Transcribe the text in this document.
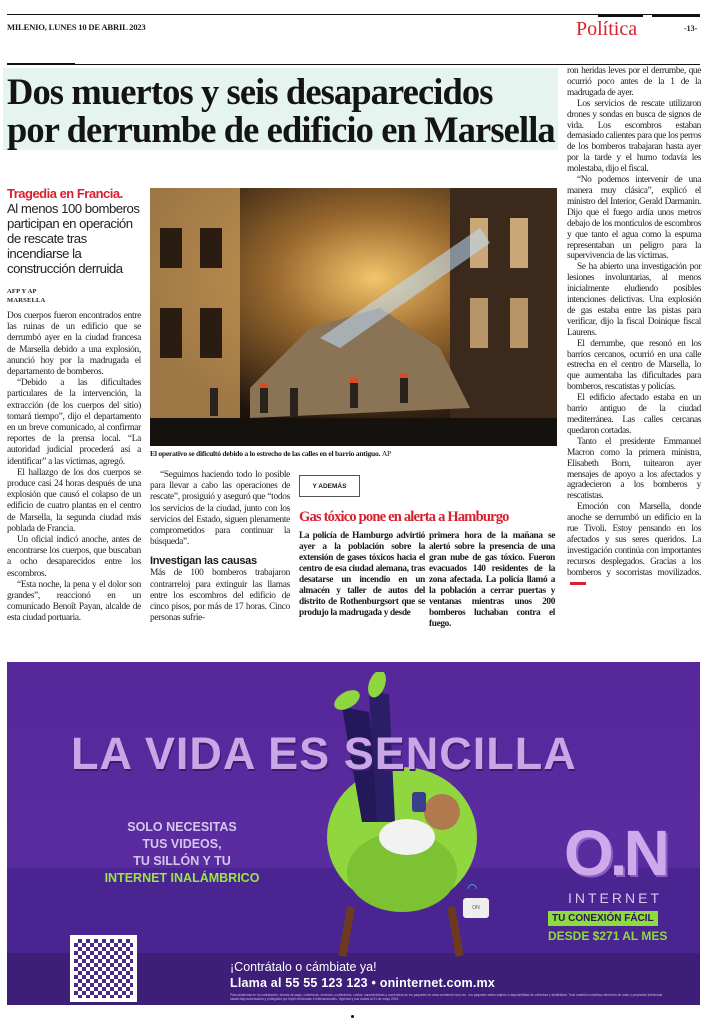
MILENIO, LUNES 10 DE ABRIL 2023	Política	-13-
Dos muertos y seis desaparecidos
por derrumbe de edificio en Marsella
Tragedia en Francia.
Al menos 100 bomberos participan en operación de rescate tras incendiarse la construcción derruida
AFP Y AP
MARSELLA

Dos cuerpos fueron encontrados entre las ruinas de un edificio que se derrumbó ayer en la ciudad francesa de Marsella debido a una explosión, anunció hoy por la madrugada el departamento de bomberos.

“Debido a las dificultades particulares de la intervención, la extracción (de los cuerpos del sitio) tomará tiempo”, dijo el departamento en un breve comunicado, al confirmar reportes de la prensa local. “La autoridad judicial procederá así a identificar” a las víctimas, agregó.

El hallazgo de los dos cuerpos se produce casi 24 horas después de una explosión que causó el colapso de un edificio de cuatro plantas en el centro de Marsella, la segunda ciudad más poblada de Francia.

Un oficial indicó anoche, antes de encontrarse los cuerpos, que buscaban a ocho desaparecidos entre los escombros.

“Esta noche, la pena y el dolor son grandes”, reaccionó en un comunicado Benoît Payan, alcalde de esta ciudad portuaria.

El operativo se dificultó debido a lo estrecho de las calles en el barrio antiguo. AP

“Seguimos haciendo todo lo posible para llevar a cabo las operaciones de rescate”, prosiguió y aseguró que “todos los servicios de la ciudad, junto con los servicios del Estado, siguen plenamente comprometidos para continuar la búsqueda”.

Investigan las causas

Más de 100 bomberos trabajaron contrarreloj para extinguir las llamas entre los escombros del edificio de cinco pisos, por más de 17 horas. Cinco personas sufrie-

Y ADEMÁS
Gas tóxico pone en alerta a Hamburgo
La policía de Hamburgo advirtió ayer a la población sobre la extensión de gases tóxicos hacia el centro de esa ciudad alemana, tras desatarse un incendio en un almacén y taller de autos del distrito de Rothenburgsort que se produjo la madrugada y desde
primera hora de la mañana se alertó sobre la presencia de una gran nube de gas tóxico. Fueron evacuados 140 residentes de la zona afectada. La policía llamó a la población a cerrar puertas y ventanas mientras unos 200 bomberos luchaban contra el fuego.

ron heridas leves por el derrumbe, que ocurrió poco antes de la 1 de la madrugada de ayer.

Los servicios de rescate utilizaron drones y sondas en busca de signos de vida. Los escombros estaban demasiado calientes para que los perros de los bomberos trabajaran hasta ayer por la tarde y el humo todavía les molestaba, dijo el fiscal.

“No podemos intervenir de una manera muy clásica”, explicó el ministro del Interior, Gerald Darmanin. Dijo que el fuego ardía unos metros debajo de los montículos de escombros y que tanto el agua como la espuma representaban un peligro para la supervivencia de las víctimas.

Se ha abierto una investigación por lesiones involuntarias, al menos inicialmente eludiendo posibles intenciones delictivas. Una explosión de gas estaba entre las pistas para verificar, dijo la fiscal Doinique fiscal Laurens.

El derrumbe, que resonó en los barrios cercanos, ocurrió en una calle estrecha en el centro de Marsella, lo que aumentaba las dificultades para bomberos, rescatistas y policías.

El edificio afectado estaba en un barrio antiguo de la ciudad mediterránea. Las calles cercanas quedaron cortadas.

Tanto el presidente Emmanuel Macron como la primera ministra, Elisabeth Born, tuitearon ayer mensajes de apoyo a los afectados y agradecieron a los bomberos y rescatistas.

Emoción con Marsella, donde anoche se derrumbó un edificio en la rue Tivoli. Estoy pensando en los afectados y sus seres queridos. La investigación continúa con importantes recursos desplegados. Gracias a los bomberos y socorristas movilizados.

LA VIDA ES SENCILLA
SOLO NECESITAS
TUS VIDEOS,
TU SILLÓN Y TU
INTERNET INALÁMBRICO
ON
◠ O.N
INTERNET
TU CONEXIÓN FÁCIL
DESDE $271 AL MES
¡Contrátalo o cámbiate ya!
Llama al 55 55 123 123 • oninternet.com.mx
Para asistencia en la contratación, formas de pago, coberturas, servicios, condiciones, costos, características y contenidos de los paquetes en www.oninternet.com.mx. Los paquetes están sujetos a disponibilidad de cobertura y factibilidad. Todo material constituye derechos de autor y propiedad intelectual usada bajo autorización y protegidos por leyes mexicanas e internacionales. Vigencia y sus costos al 31 de mayo 2023.
